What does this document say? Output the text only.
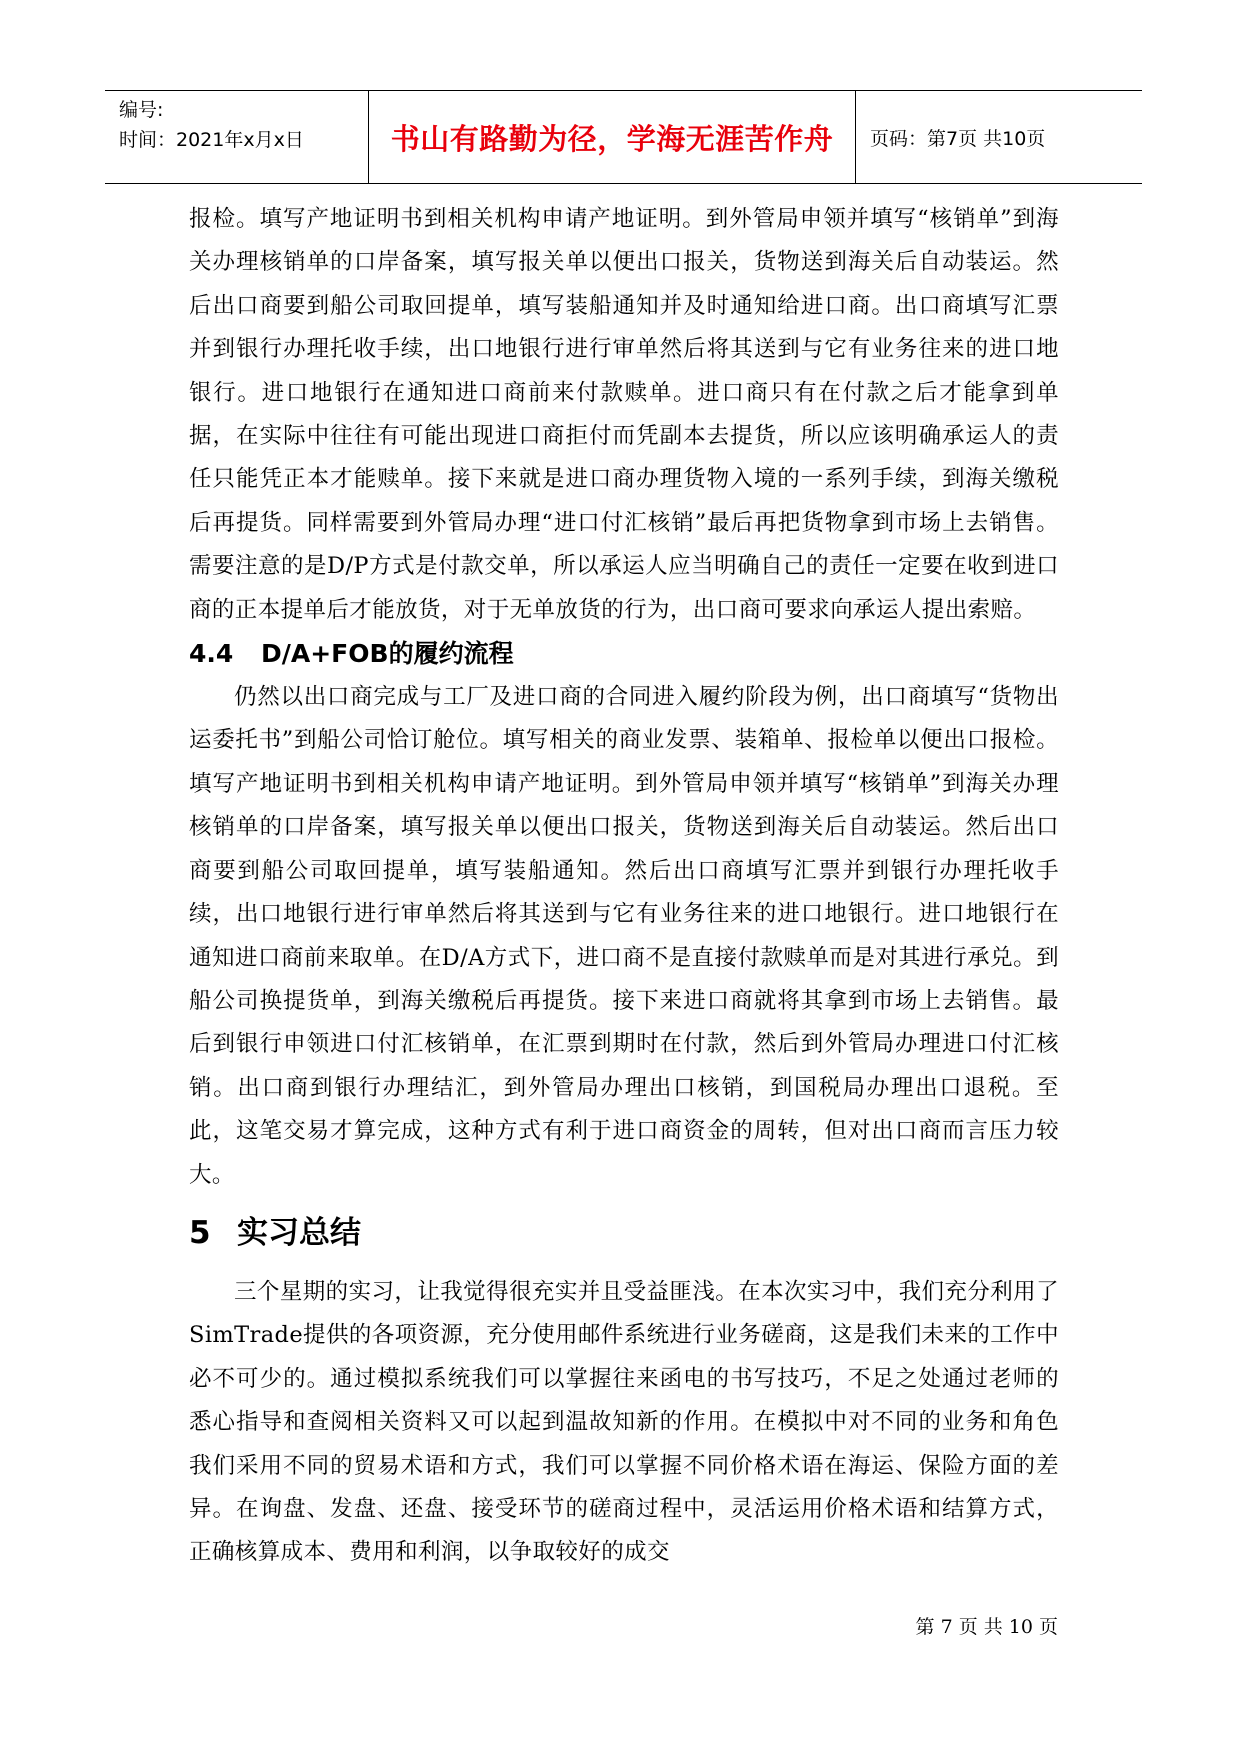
编号:
时间：2021年x月x日	书山有路勤为径，学海无涯苦作舟 页码：第7页 共10页

报检。填写产地证明书到相关机构申请产地证明。到外管局申领并填写“核销单”到海关办理核销单的口岸备案，填写报关单以便出口报关，货物送到海关后自动装运。然后出口商要到船公司取回提单，填写装船通知并及时通知给进口商。出口商填写汇票并到银行办理托收手续，出口地银行进行审单然后将其送到与它有业务往来的进口地银行。进口地银行在通知进口商前来付款赎单。进口商只有在付款之后才能拿到单据，在实际中往往有可能出现进口商拒付而凭副本去提货，所以应该明确承运人的责任只能凭正本才能赎单。接下来就是进口商办理货物入境的一系列手续，到海关缴税后再提货。同样需要到外管局办理“进口付汇核销”最后再把货物拿到市场上去销售。需要注意的是D/P方式是付款交单，所以承运人应当明确自己的责任一定要在收到进口商的正本提单后才能放货，对于无单放货的行为，出口商可要求向承运人提出索赔。

4.4 D/A+FOB的履约流程

仍然以出口商完成与工厂及进口商的合同进入履约阶段为例，出口商填写“货物出运委托书”到船公司恰订舱位。填写相关的商业发票、装箱单、报检单以便出口报检。填写产地证明书到相关机构申请产地证明。到外管局申领并填写“核销单”到海关办理核销单的口岸备案，填写报关单以便出口报关，货物送到海关后自动装运。然后出口商要到船公司取回提单，填写装船通知。然后出口商填写汇票并到银行办理托收手续，出口地银行进行审单然后将其送到与它有业务往来的进口地银行。进口地银行在通知进口商前来取单。在D/A方式下，进口商不是直接付款赎单而是对其进行承兑。到船公司换提货单，到海关缴税后再提货。接下来进口商就将其拿到市场上去销售。最后到银行申领进口付汇核销单，在汇票到期时在付款，然后到外管局办理进口付汇核销。出口商到银行办理结汇，到外管局办理出口核销，到国税局办理出口退税。至此，这笔交易才算完成，这种方式有利于进口商资金的周转，但对出口商而言压力较大。

5 实习总结

三个星期的实习，让我觉得很充实并且受益匪浅。在本次实习中，我们充分利用了SimTrade提供的各项资源，充分使用邮件系统进行业务磋商，这是我们未来的工作中必不可少的。通过模拟系统我们可以掌握往来函电的书写技巧，不足之处通过老师的悉心指导和查阅相关资料又可以起到温故知新的作用。在模拟中对不同的业务和角色我们采用不同的贸易术语和方式，我们可以掌握不同价格术语在海运、保险方面的差异。在询盘、发盘、还盘、接受环节的磋商过程中，灵活运用价格术语和结算方式，正确核算成本、费用和利润，以争取较好的成交

第 7 页 共 10 页
